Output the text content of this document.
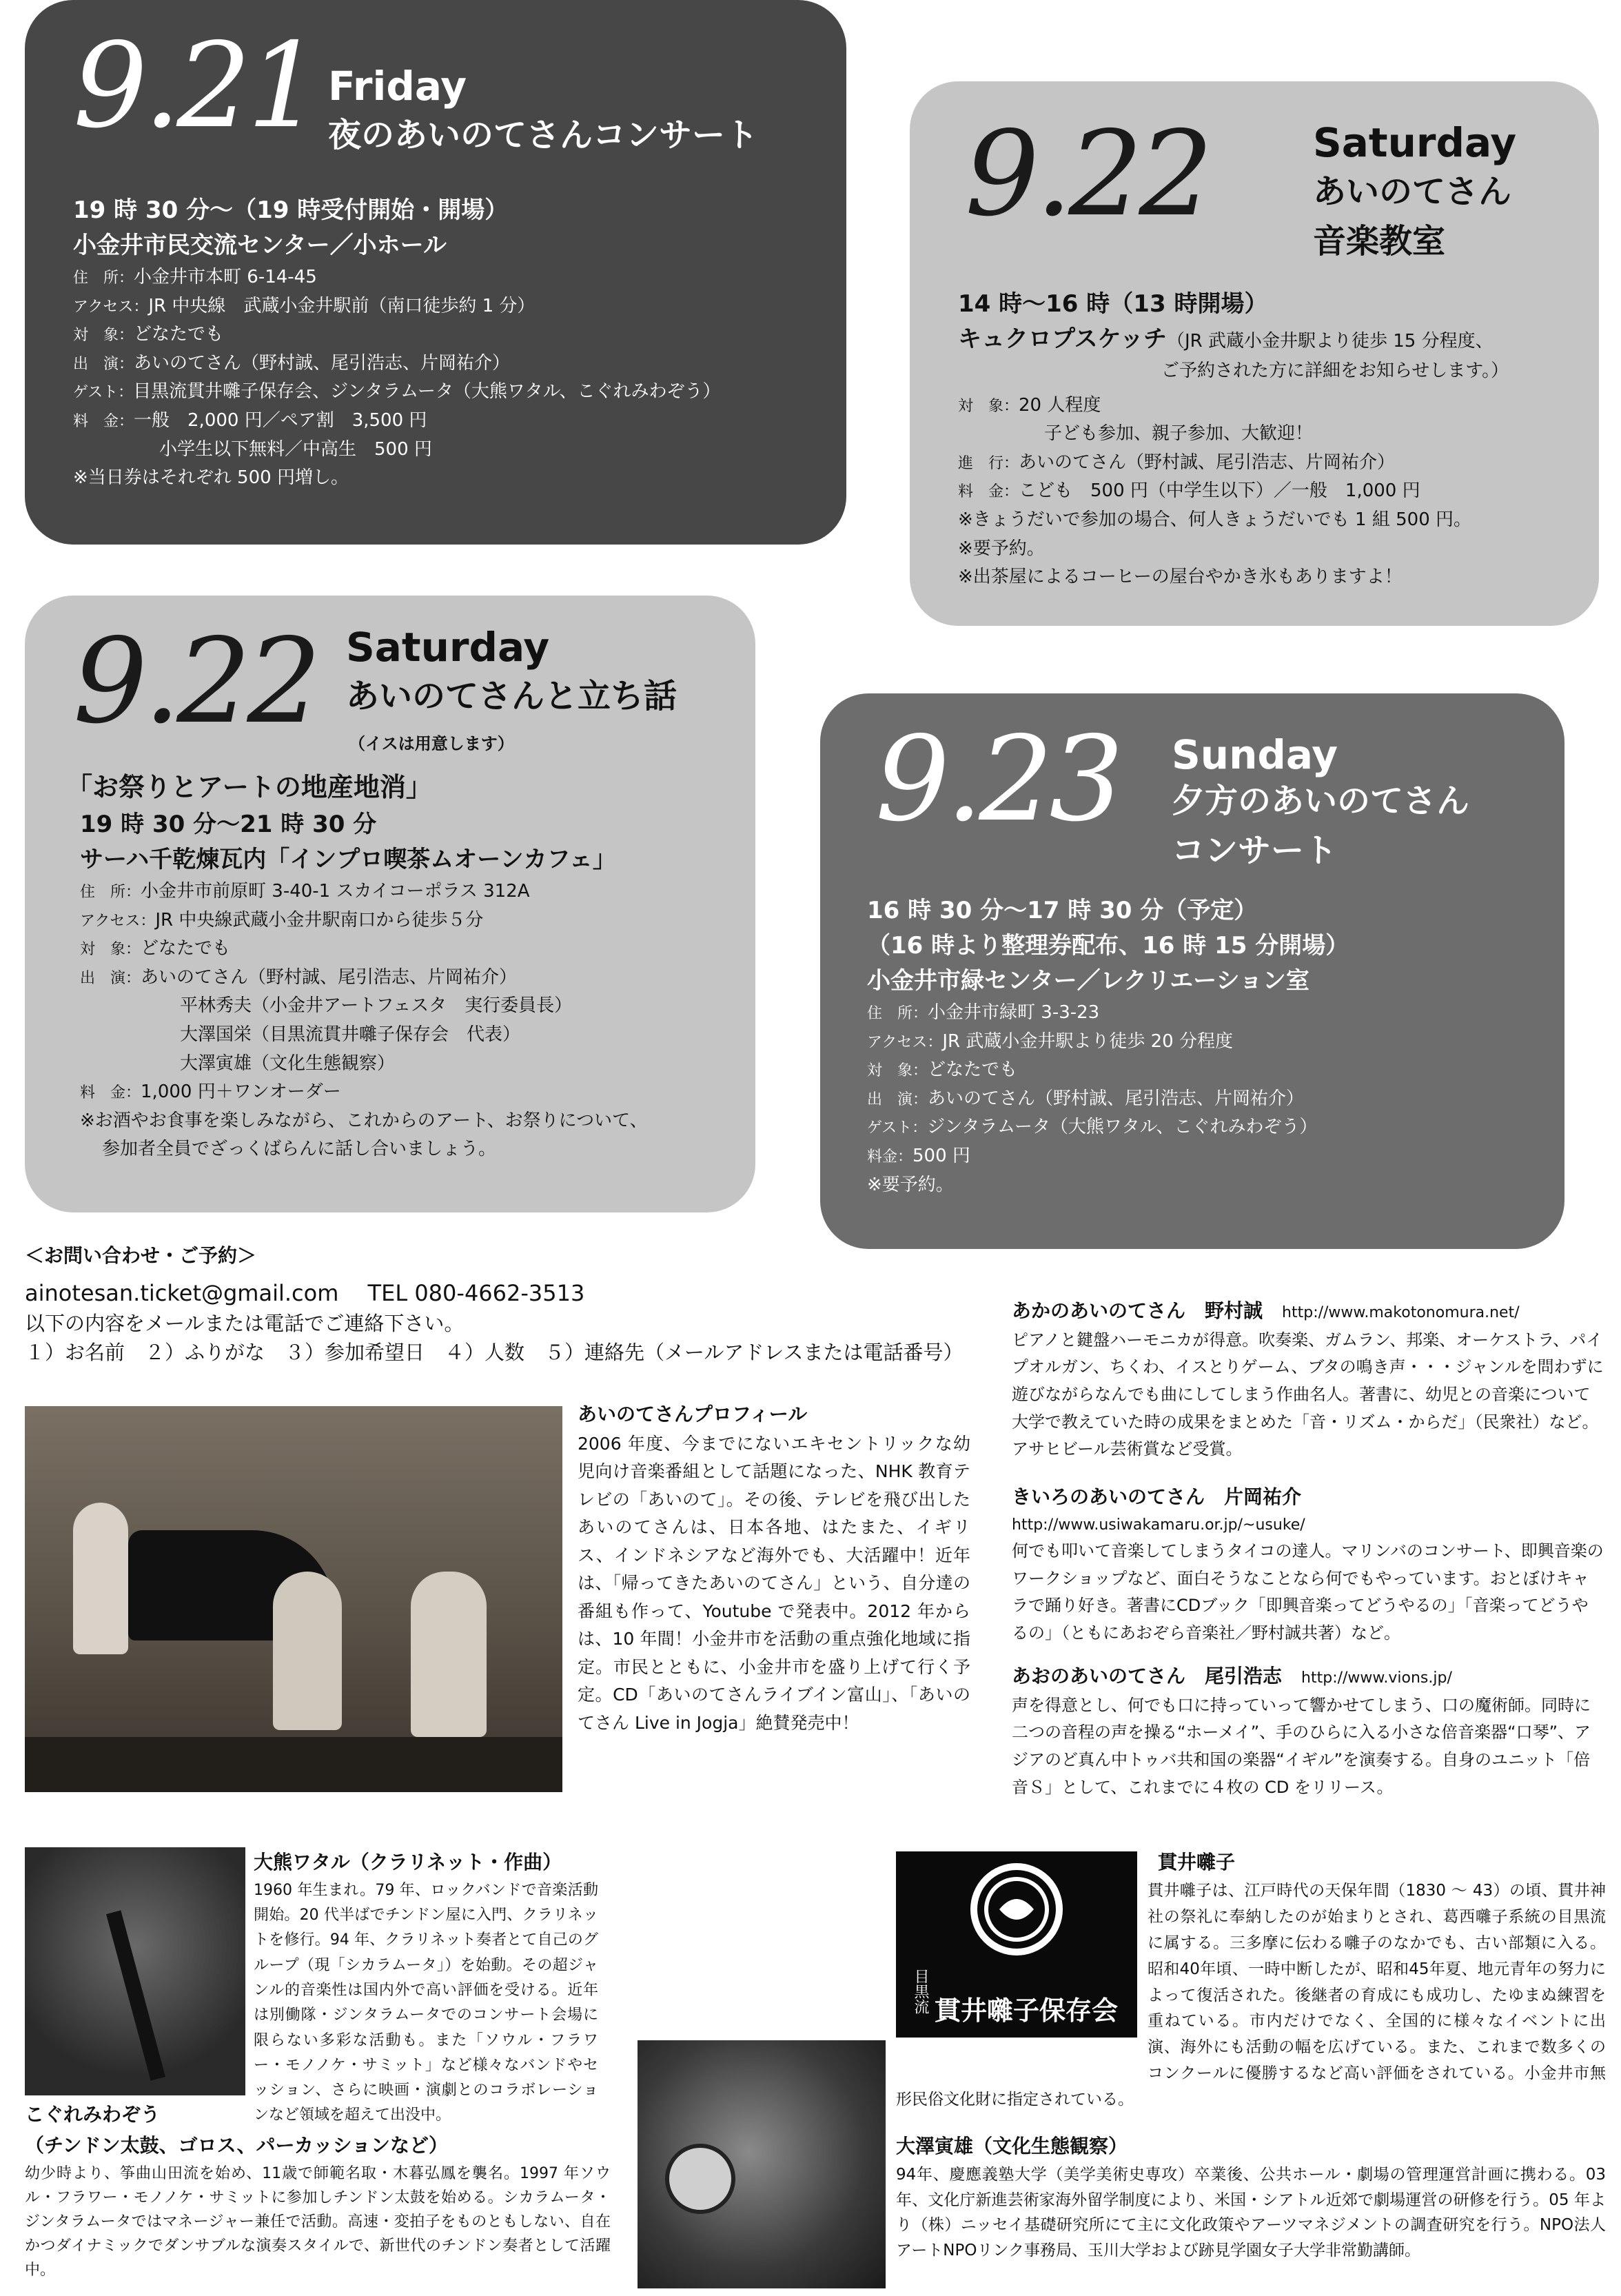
9.21 Friday
夜のあいのてさんコンサート
19 時 30 分～（19 時受付開始・開場）
小金井市民交流センター／小ホール
住　所：小金井市本町 6-14-45
アクセス：JR 中央線　武蔵小金井駅前（南口徒歩約 1 分）
対　象：どなたでも
出　演：あいのてさん（野村誠、尾引浩志、片岡祐介）
ゲスト：目黒流貫井囃子保存会、ジンタラムータ（大熊ワタル、こぐれみわぞう）
料　金：一般　2,000 円／ペア割　3,500 円
小学生以下無料／中高生　500 円
※当日券はそれぞれ 500 円増し。
9.22	Saturday
あいのてさん
音楽教室
14 時～16 時（13 時開場）
キュクロプスケッチ（JR 武蔵小金井駅より徒歩 15 分程度、
ご予約された方に詳細をお知らせします。）
対　象：20 人程度
子ども参加、親子参加、大歓迎！
進　行：あいのてさん（野村誠、尾引浩志、片岡祐介）
料　金：こども　500 円（中学生以下）／一般　1,000 円
※きょうだいで参加の場合、何人きょうだいでも 1 組 500 円。
※要予約。
※出茶屋によるコーヒーの屋台やかき氷もありますよ！
9.22 Saturday
あいのてさんと立ち話
（イスは用意します）
「お祭りとアートの地産地消」
19 時 30 分～21 時 30 分
サーハ千乾煉瓦内「インプロ喫茶ムオーンカフェ」
住　所：小金井市前原町 3-40-1 スカイコーポラス 312A
アクセス：JR 中央線武蔵小金井駅南口から徒歩５分
対　象：どなたでも
出　演：あいのてさん（野村誠、尾引浩志、片岡祐介）
平林秀夫（小金井アートフェスタ　実行委員長）
大澤国栄（目黒流貫井囃子保存会　代表）
大澤寅雄（文化生態観察）
料　金：1,000 円＋ワンオーダー
※お酒やお食事を楽しみながら、これからのアート、お祭りについて、
参加者全員でざっくばらんに話し合いましょう。
9.23 Sunday
夕方のあいのてさん
コンサート
16 時 30 分～17 時 30 分（予定）
（16 時より整理券配布、16 時 15 分開場）
小金井市緑センター／レクリエーション室
住　所：小金井市緑町 3-3-23
アクセス：JR 武蔵小金井駅より徒歩 20 分程度
対　象：どなたでも
出　演：あいのてさん（野村誠、尾引浩志、片岡祐介）
ゲスト：ジンタラムータ（大熊ワタル、こぐれみわぞう）
料金：500 円
※要予約。
＜お問い合わせ・ご予約＞
ainotesan.ticket@gmail.com　 TEL 080-4662-3513
以下の内容をメールまたは電話でご連絡下さい。
１）お名前　２）ふりがな　３）参加希望日　４）人数　５）連絡先（メールアドレスまたは電話番号）
あいのてさんプロフィール
2006 年度、今までにないエキセントリックな幼児向け音楽番組として話題になった、NHK 教育テレビの「あいのて」。その後、テレビを飛び出したあいのてさんは、日本各地、はたまた、イギリス、インドネシアなど海外でも、大活躍中！近年は、「帰ってきたあいのてさん」という、自分達の番組も作って、Youtube で発表中。2012 年からは、10 年間！小金井市を活動の重点強化地域に指定。市民とともに、小金井市を盛り上げて行く予定。CD「あいのてさんライブイン富山」、「あいのてさん Live in Jogja」絶賛発売中！
あかのあいのてさん　野村誠　 http://www.makotonomura.net/
ピアノと鍵盤ハーモニカが得意。吹奏楽、ガムラン、邦楽、オーケストラ、パイプオルガン、ちくわ、イスとりゲーム、ブタの鳴き声・・・ジャンルを問わずに遊びながらなんでも曲にしてしまう作曲名人。著書に、幼児との音楽について大学で教えていた時の成果をまとめた「音・リズム・からだ」（民衆社）など。アサヒビール芸術賞など受賞。
きいろのあいのてさん　片岡祐介
http://www.usiwakamaru.or.jp/~usuke/
何でも叩いて音楽してしまうタイコの達人。マリンバのコンサート、即興音楽のワークショップなど、面白そうなことなら何でもやっています。おとぼけキャラで踊り好き。著書にCDブック「即興音楽ってどうやるの」「音楽ってどうやるの」（ともにあおぞら音楽社／野村誠共著）など。
あおのあいのてさん　尾引浩志　 http://www.vions.jp/
声を得意とし、何でも口に持っていって響かせてしまう、口の魔術師。同時に二つの音程の声を操る“ホーメイ”、手のひらに入る小さな倍音楽器“口琴”、アジアのど真ん中トゥバ共和国の楽器“イギル”を演奏する。自身のユニット「倍音Ｓ」として、これまでに４枚の CD をリリース。
大熊ワタル（クラリネット・作曲）
1960 年生まれ。79 年、ロックバンドで音楽活動開始。20 代半ばでチンドン屋に入門、クラリネットを修行。94 年、クラリネット奏者とて自己のグループ（現「シカラムータ」）を始動。その超ジャンル的音楽性は国内外で高い評価を受ける。近年は別働隊・ジンタラムータでのコンサート会場に限らない多彩な活動も。また「ソウル・フラワー・モノノケ・サミット」など様々なバンドやセッション、さらに映画・演劇とのコラボレーションなど領域を超えて出没中。
こぐれみわぞう
（チンドン太鼓、ゴロス、パーカッションなど）
幼少時より、筝曲山田流を始め、11歳で師範名取・木暮弘鳳を襲名。1997 年ソウル・フラワー・モノノケ・サミットに参加しチンドン太鼓を始める。シカラムータ・ジンタラムータではマネージャー兼任で活動。高速・変拍子をものともしない、自在かつダイナミックでダンサブルな演奏スタイルで、新世代のチンドン奏者として活躍中。
目黒流 貫井囃子保存会
貫井囃子
貫井囃子は、江戸時代の天保年間（1830 ～ 43）の頃、貫井神社の祭礼に奉納したのが始まりとされ、葛西囃子系統の目黒流に属する。三多摩に伝わる囃子のなかでも、古い部類に入る。昭和40年頃、一時中断したが、昭和45年夏、地元青年の努力によって復活された。後継者の育成にも成功し、たゆまぬ練習を重ねている。市内だけでなく、全国的に様々なイベントに出演、海外にも活動の幅を広げている。また、これまで数多くのコンクールに優勝するなど高い評価をされている。小金井市無形民俗文化財に指定されている。
大澤寅雄（文化生態観察）
94年、慶應義塾大学（美学美術史専攻）卒業後、公共ホール・劇場の管理運営計画に携わる。03 年、文化庁新進芸術家海外留学制度により、米国・シアトル近郊で劇場運営の研修を行う。05 年より（株）ニッセイ基礎研究所にて主に文化政策やアーツマネジメントの調査研究を行う。NPO法人アートNPOリンク事務局、玉川大学および跡見学園女子大学非常勤講師。
